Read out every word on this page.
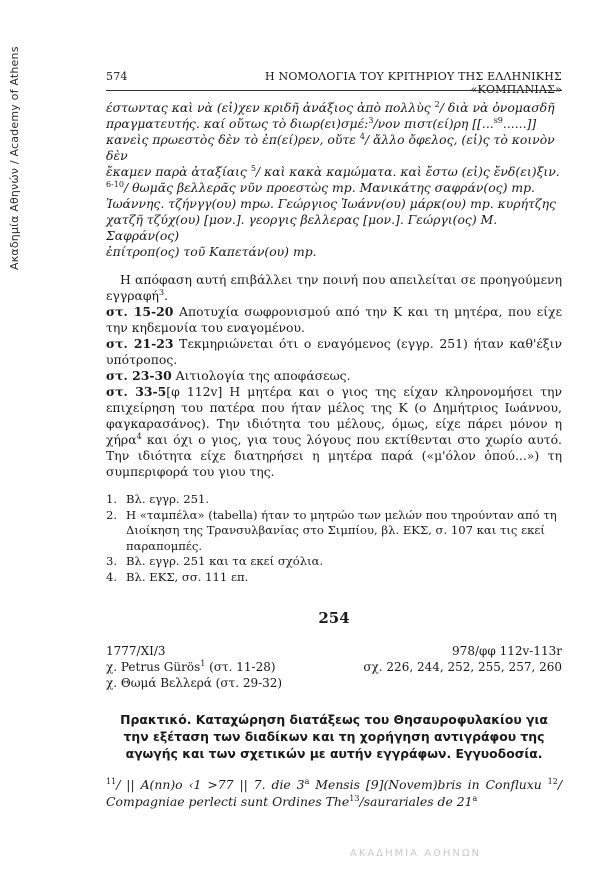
Ακαδημία Αθηνών / Academy of Athens	574	Η ΝΟΜΟΛΟΓΙΑ ΤΟΥ ΚΡΙΤΗΡΙΟΥ ΤΗΣ ΕΛΛΗΝΙΚΗΣ «ΚΟΜΠΑΝΙΑΣ»
έστωντας καὶ νὰ (εἰ)χεν κριδῆ ἀνάξιος ἀπὸ πολλὺς $^2$/ διὰ νὰ ὀνομασδῆ
πραγματευτής. καί οὔτως τὸ διωρ(ει)σμέ:$^3$/νον πιστ(εί)ρη [[...$^{s9}$......]]
κανεὶς πρωεστὸς δὲν τὸ ἐπ(εί)ρεν, οὔτε $^4$/ ἄλλο ὄφελος, (εἰ)ς τὸ κοινὸν δὲν
ἔκαμεν παρὰ ἀταξίαις $^5$/ καὶ κακὰ καμώματα. καὶ ἔστω (εἰ)ς ἔνδ(ει)ξιν.
$^{6-10}$/ θωμᾶς βελλερᾶς νῦν προεστὼς mp. Μανικάτης σαφράν(ος) mp.
Ἰωάννης. τζήνγγ(ου) mpω. Γεώργιος Ἰωάνν(ου) μάρκ(ου) mp. κυρήτζης
χατζῆ τζύχ(ου) [μον.]. γεοργις βελλερας [μον.]. Γεώργι(ος) Μ. Σαφράν(ος)
ἐπίτροπ(ος) τοῦ Καπετάν(ου) mp.

Η απόφαση αυτή επιβάλλει την ποινή που απειλείται σε προηγούμενη εγγραφή$^3$.

στ. 15-20 Αποτυχία σωφρονισμού από την Κ και τη μητέρα, που είχε την κηδεμονία του εναγομένου.

στ. 21-23 Τεκμηριώνεται ότι ο εναγόμενος (εγγρ. 251) ήταν καθ'έξιν υπότροπος.

στ. 23-30 Αιτιολογία της αποφάσεως.

στ. 33-5[φ 112v] Η μητέρα και ο γιος της είχαν κληρονομήσει την επιχείρηση του πατέρα που ήταν μέλος της Κ (ο Δημήτριος Ιωάννου, φαγκαρασάνος). Την ιδιότητα του μέλους, όμως, είχε πάρει μόνον η χήρα$^4$ και όχι ο γιος, για τους λόγους που εκτίθενται στο χωρίο αυτό. Την ιδιότητα είχε διατηρήσει η μητέρα παρά («μ'όλον ὁπού...») τη συμπεριφορά του γιου της.

1. Βλ. εγγρ. 251.
2. Η «ταμπέλα» (tabella) ήταν το μητρώο των μελών που τηρούνταν από τη Διοίκηση της Τρανσυλβανίας στο Σιμπίου, βλ. ΕΚΣ, σ. 107 και τις εκεί παραπομπές.
3. Βλ. εγγρ. 251 και τα εκεί σχόλια.
4. Βλ. ΕΚΣ, σσ. 111 επ.
254
1777/XI/3
χ. Petrus Gürös$^1$ (στ. 11-28)
χ. Θωμά Βελλερά (στ. 29-32)
978/φφ 112v-113r
σχ. 226, 244, 252, 255, 257, 260
Πρακτικό. Καταχώρηση διατάξεως του Θησαυροφυλακίου για την εξέταση των διαδίκων και τη χορήγηση αντιγράφου της αγωγής και των σχετικών με αυτήν εγγράφων. Εγγυοδοσία.
$^{11}$/ || A(nn)o ‹1 >77 || 7. die 3$^a$ Mensis [9](Novem)bris in Confluxu $^{12}$/ Compagniae perlecti sunt Ordines The$^{13}$/saurariales de 21$^a$
ΑΚΑΔΗΜΙΑ ΑΘΗΝΩΝ
